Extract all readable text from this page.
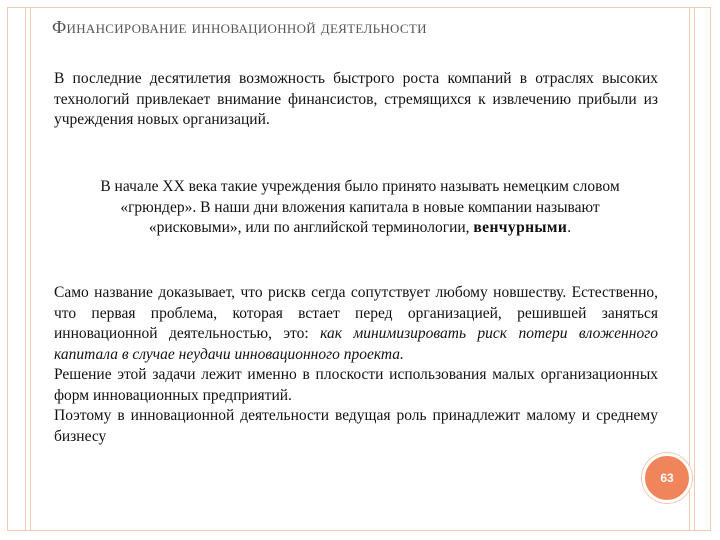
Финансирование инновационной деятельности
В последние десятилетия возможность быстрого роста компаний в отраслях высоких технологий привлекает внимание финансистов, стремящихся к извлечению прибыли из учреждения новых организаций.
В начале XX века такие учреждения было принято называть немецким словом «грюндер». В наши дни вложения капитала в новые компании называют «рисковыми», или по английской терминологии, венчурными.
Само название доказывает, что рискв сегда сопутствует любому новшеству. Естественно, что первая проблема, которая встает перед организацией, решившей заняться инновационной деятельностью, это: как минимизировать риск потери вложенного капитала в случае неудачи инновационного проекта.
Решение этой задачи лежит именно в плоскости использования малых организационных форм инновационных предприятий.
Поэтому в инновационной деятельности ведущая роль принадлежит малому и среднему бизнесу
63
